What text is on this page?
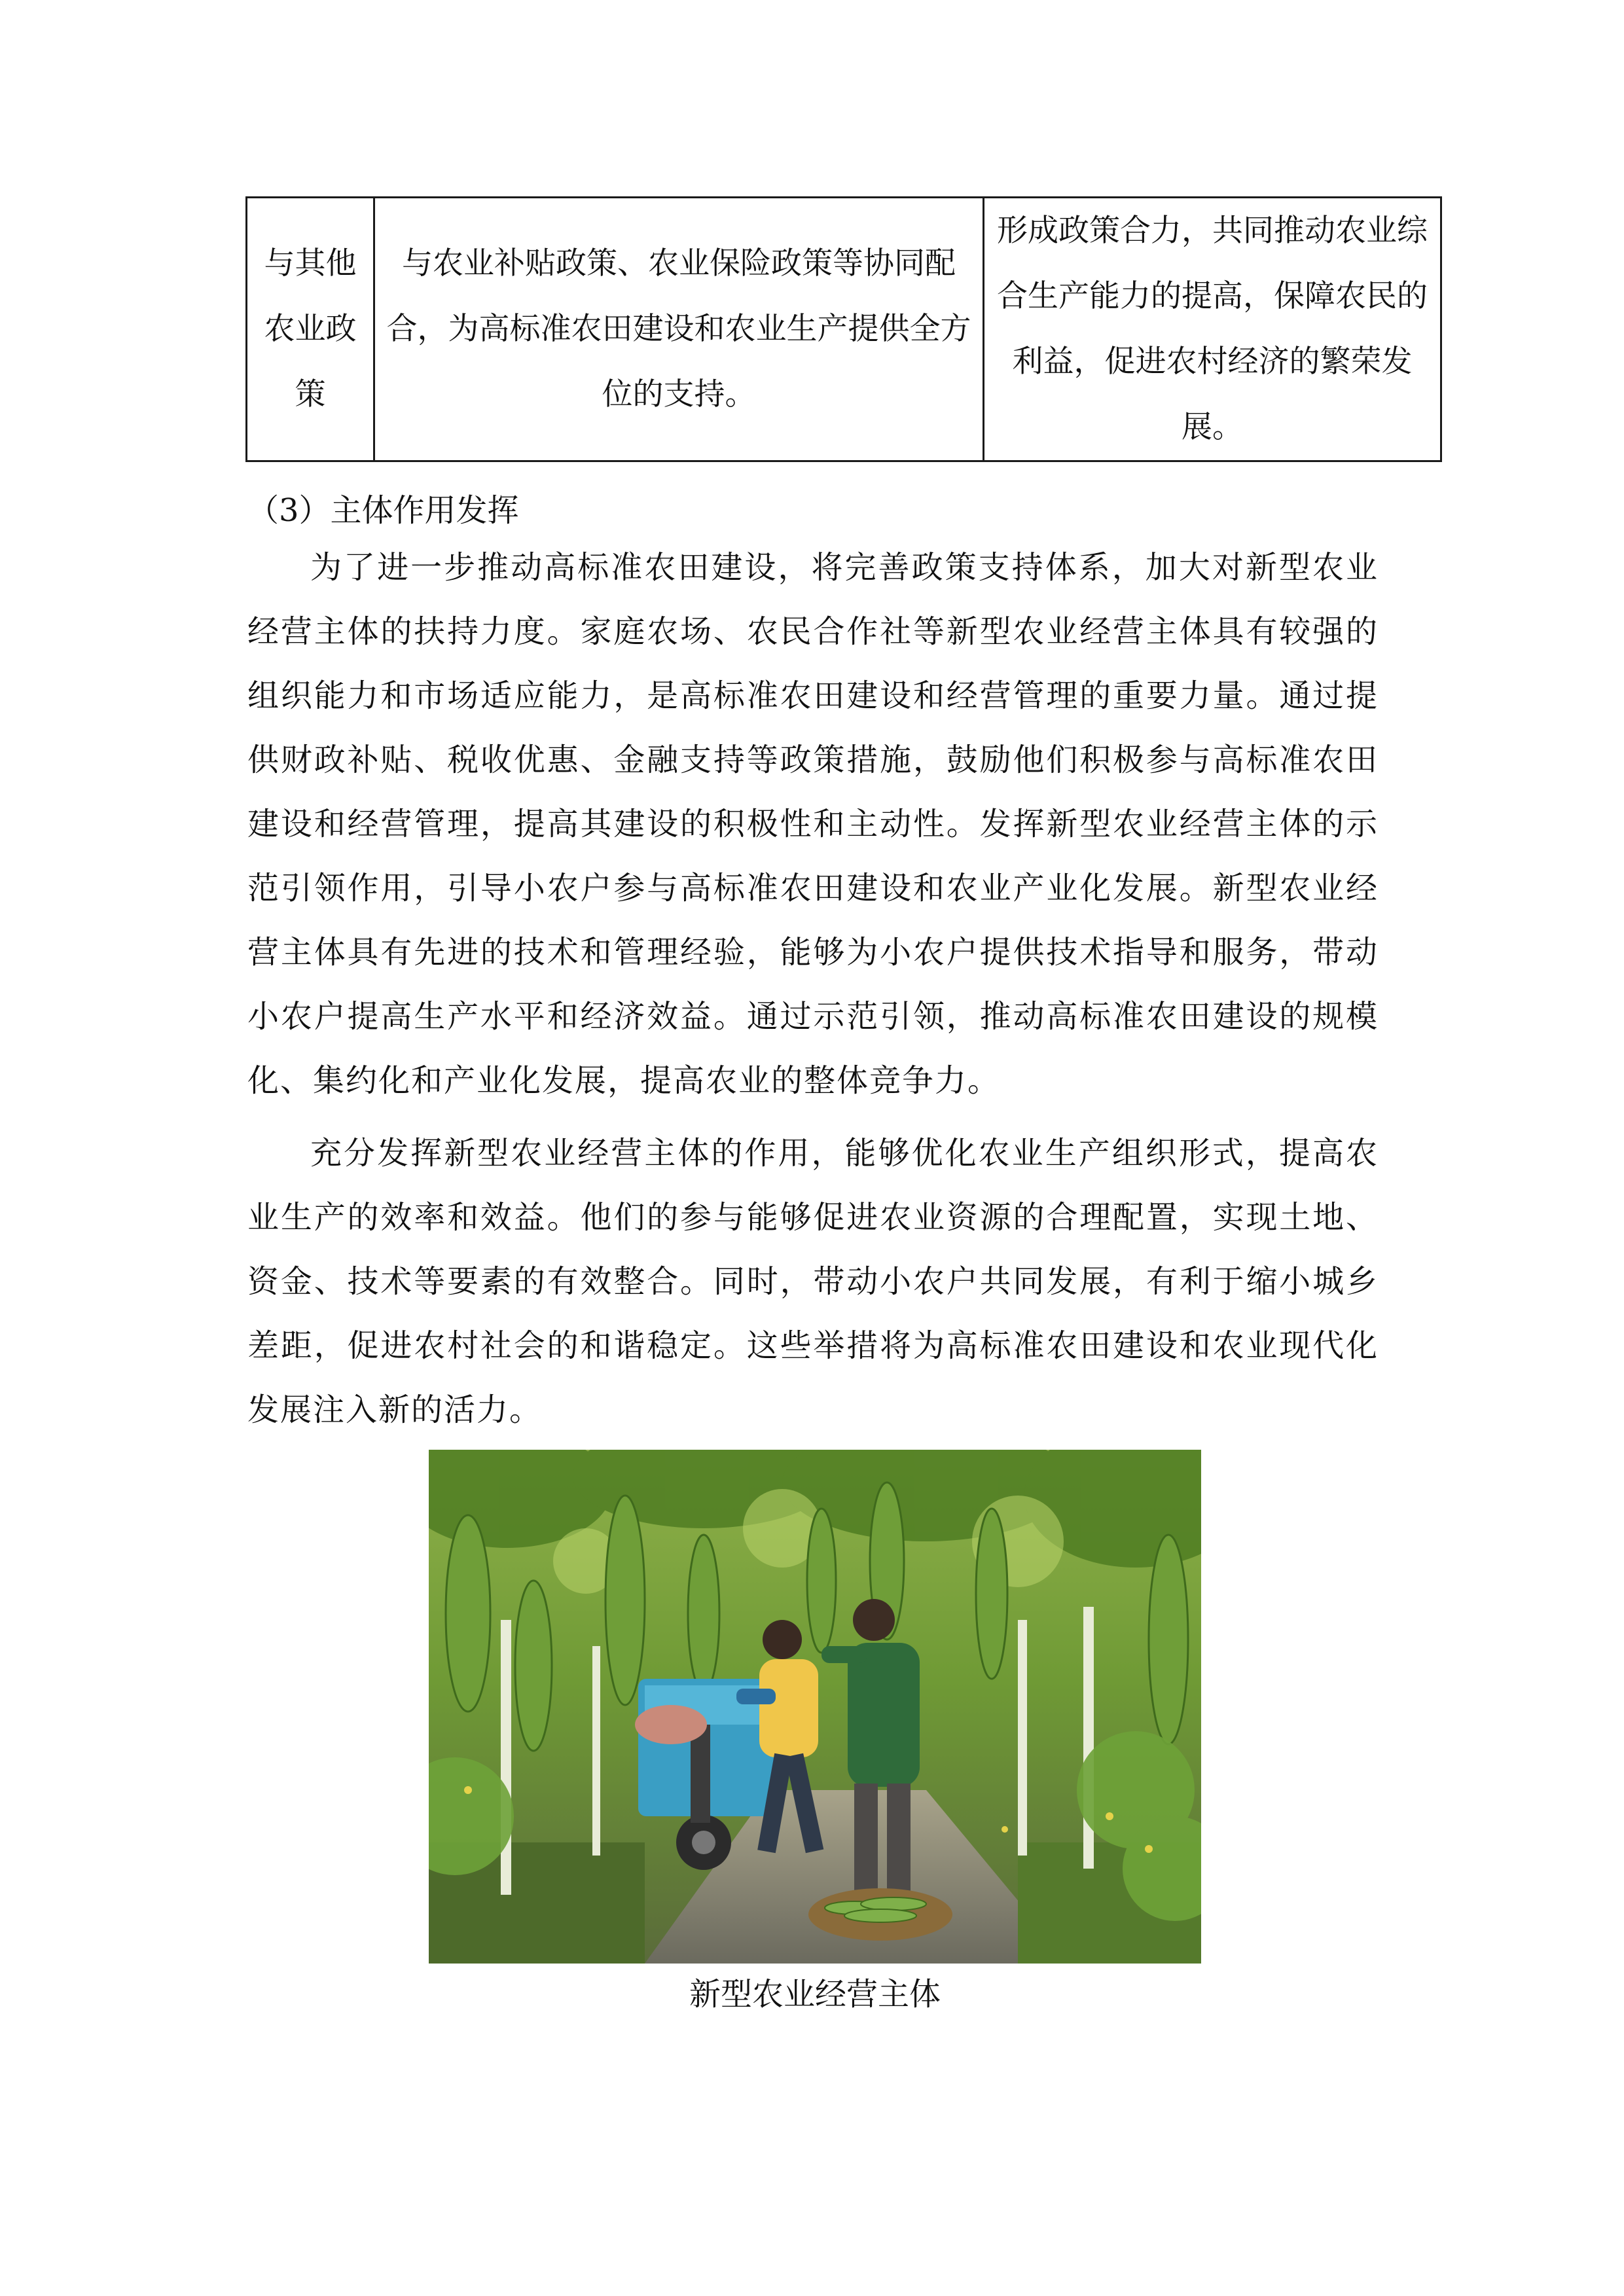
与其他农业政策	与农业补贴政策、农业保险政策等协同配合，为高标准农田建设和农业生产提供全方位的支持。	形成政策合力，共同推动农业综合生产能力的提高，保障农民的利益，促进农村经济的繁荣发展。
（3）主体作用发挥

为了进一步推动高标准农田建设，将完善政策支持体系，加大对新型农业经营主体的扶持力度。家庭农场、农民合作社等新型农业经营主体具有较强的组织能力和市场适应能力，是高标准农田建设和经营管理的重要力量。通过提供财政补贴、税收优惠、金融支持等政策措施，鼓励他们积极参与高标准农田建设和经营管理，提高其建设的积极性和主动性。发挥新型农业经营主体的示范引领作用，引导小农户参与高标准农田建设和农业产业化发展。新型农业经营主体具有先进的技术和管理经验，能够为小农户提供技术指导和服务，带动小农户提高生产水平和经济效益。通过示范引领，推动高标准农田建设的规模化、集约化和产业化发展，提高农业的整体竞争力。

充分发挥新型农业经营主体的作用，能够优化农业生产组织形式，提高农业生产的效率和效益。他们的参与能够促进农业资源的合理配置，实现土地、资金、技术等要素的有效整合。同时，带动小农户共同发展，有利于缩小城乡差距，促进农村社会的和谐稳定。这些举措将为高标准农田建设和农业现代化发展注入新的活力。

新型农业经营主体
